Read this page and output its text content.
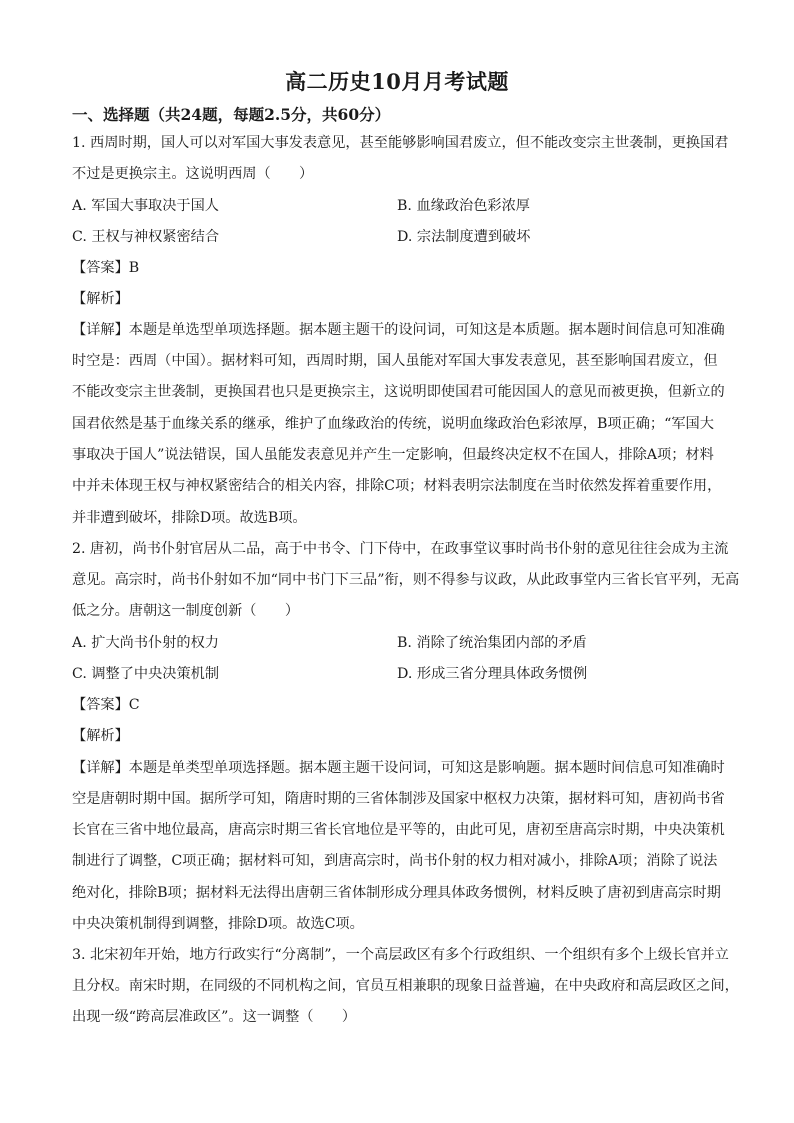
高二历史10月月考试题
一、选择题（共24题，每题2.5分，共60分）
1. 西周时期，国人可以对军国大事发表意见，甚至能够影响国君废立，但不能改变宗主世袭制，更换国君
不过是更换宗主。这说明西周（　　）
A. 军国大事取决于国人	B. 血缘政治色彩浓厚
C. 王权与神权紧密结合	D. 宗法制度遭到破坏
【答案】B
【解析】
【详解】本题是单选型单项选择题。据本题主题干的设问词，可知这是本质题。据本题时间信息可知准确
时空是：西周（中国）。据材料可知，西周时期，国人虽能对军国大事发表意见，甚至影响国君废立，但
不能改变宗主世袭制，更换国君也只是更换宗主，这说明即使国君可能因国人的意见而被更换，但新立的
国君依然是基于血缘关系的继承，维护了血缘政治的传统，说明血缘政治色彩浓厚，B项正确；“军国大
事取决于国人”说法错误，国人虽能发表意见并产生一定影响，但最终决定权不在国人，排除A项；材料
中并未体现王权与神权紧密结合的相关内容，排除C项；材料表明宗法制度在当时依然发挥着重要作用，
并非遭到破坏，排除D项。故选B项。
2. 唐初，尚书仆射官居从二品，高于中书令、门下侍中，在政事堂议事时尚书仆射的意见往往会成为主流
意见。高宗时，尚书仆射如不加“同中书门下三品”衔，则不得参与议政，从此政事堂内三省长官平列，无高
低之分。唐朝这一制度创新（　　）
A. 扩大尚书仆射的权力	B. 消除了统治集团内部的矛盾
C. 调整了中央决策机制	D. 形成三省分理具体政务惯例
【答案】C
【解析】
【详解】本题是单类型单项选择题。据本题主题干设问词，可知这是影响题。据本题时间信息可知准确时
空是唐朝时期中国。据所学可知，隋唐时期的三省体制涉及国家中枢权力决策，据材料可知，唐初尚书省
长官在三省中地位最高，唐高宗时期三省长官地位是平等的，由此可见，唐初至唐高宗时期，中央决策机
制进行了调整，C项正确；据材料可知，到唐高宗时，尚书仆射的权力相对减小，排除A项；消除了说法
绝对化，排除B项；据材料无法得出唐朝三省体制形成分理具体政务惯例，材料反映了唐初到唐高宗时期
中央决策机制得到调整，排除D项。故选C项。
3. 北宋初年开始，地方行政实行“分离制”，一个高层政区有多个行政组织、一个组织有多个上级长官并立
且分权。南宋时期，在同级的不同机构之间，官员互相兼职的现象日益普遍，在中央政府和高层政区之间，
出现一级“跨高层准政区”。这一调整（　　）
